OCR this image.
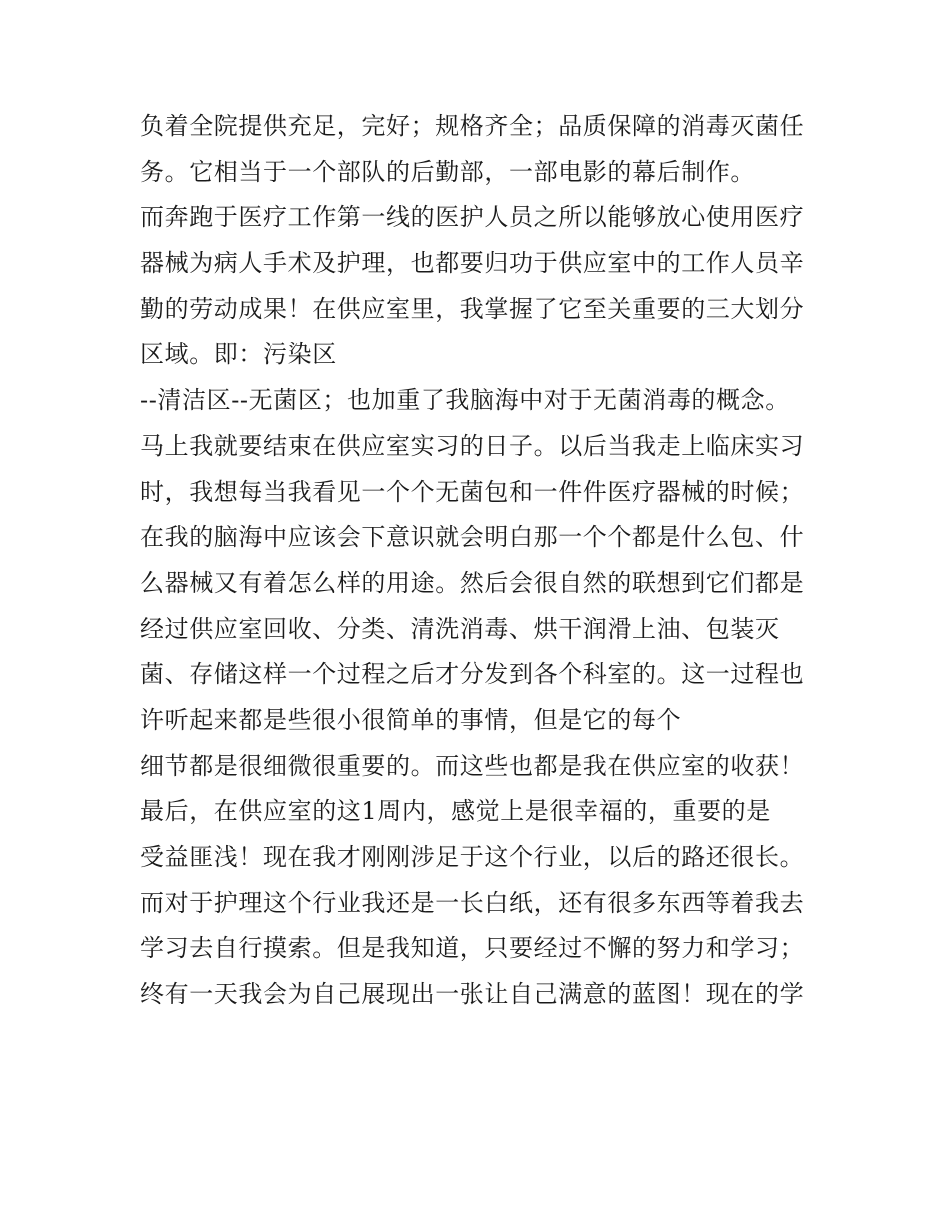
负着全院提供充足，完好；规格齐全；品质保障的消毒灭菌任
务。它相当于一个部队的后勤部，一部电影的幕后制作。
而奔跑于医疗工作第一线的医护人员之所以能够放心使用医疗
器械为病人手术及护理，也都要归功于供应室中的工作人员辛
勤的劳动成果！在供应室里，我掌握了它至关重要的三大划分
区域。即：污染区
--清洁区--无菌区；也加重了我脑海中对于无菌消毒的概念。
马上我就要结束在供应室实习的日子。以后当我走上临床实习
时，我想每当我看见一个个无菌包和一件件医疗器械的时候；
在我的脑海中应该会下意识就会明白那一个个都是什么包、什
么器械又有着怎么样的用途。然后会很自然的联想到它们都是
经过供应室回收、分类、清洗消毒、烘干润滑上油、包装灭
菌、存储这样一个过程之后才分发到各个科室的。这一过程也
许听起来都是些很小很简单的事情，但是它的每个
细节都是很细微很重要的。而这些也都是我在供应室的收获！
最后，在供应室的这1周内，感觉上是很幸福的，重要的是
受益匪浅！现在我才刚刚涉足于这个行业，以后的路还很长。
而对于护理这个行业我还是一长白纸，还有很多东西等着我去
学习去自行摸索。但是我知道，只要经过不懈的努力和学习；
终有一天我会为自己展现出一张让自己满意的蓝图！现在的学
